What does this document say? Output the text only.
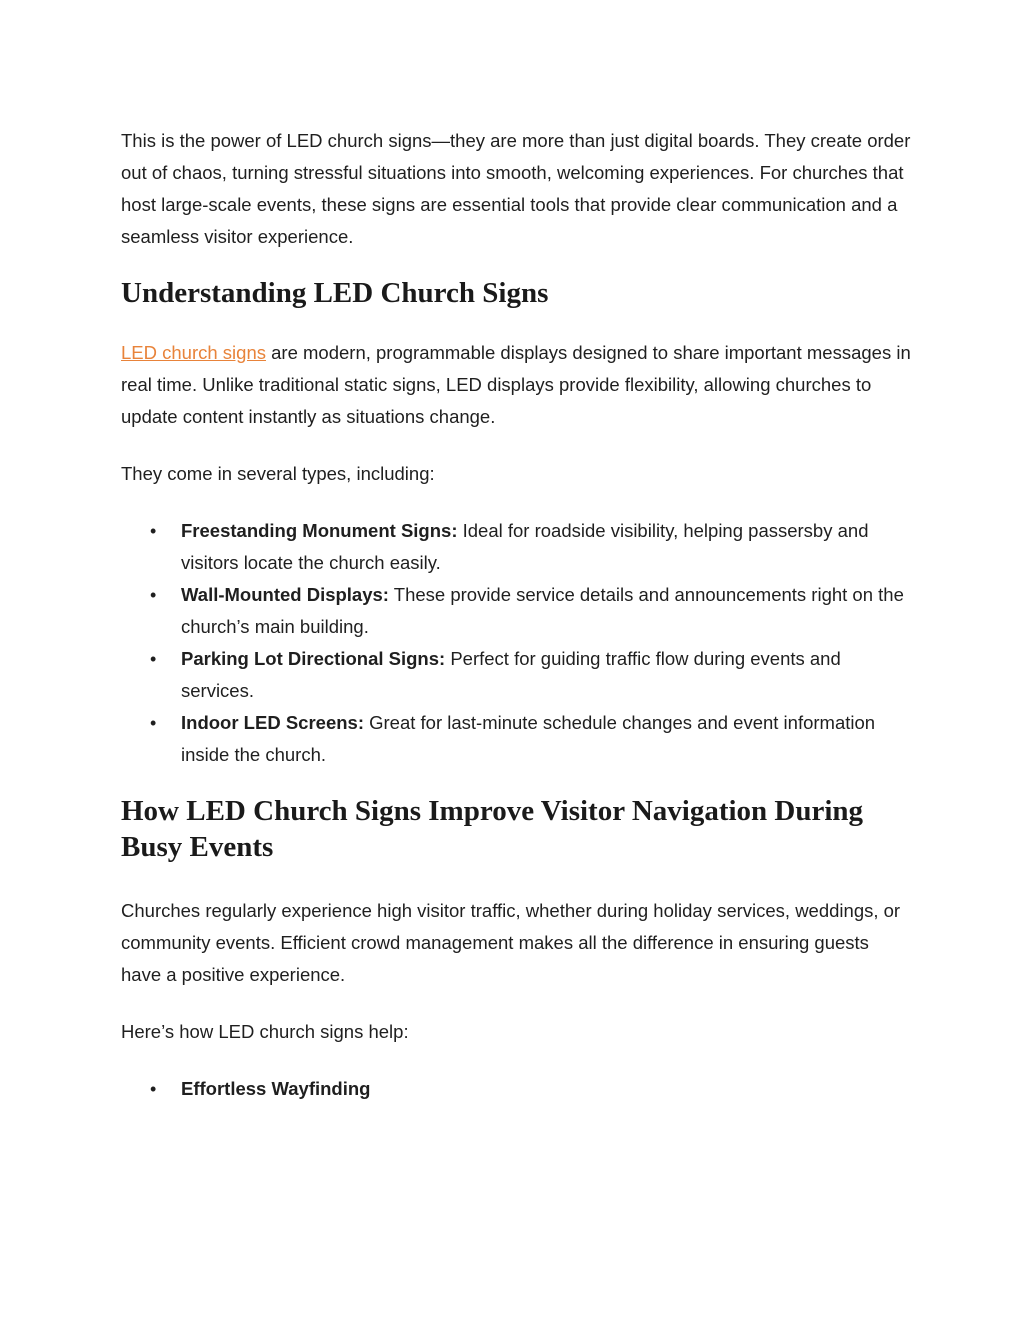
This is the power of LED church signs—they are more than just digital boards. They create order out of chaos, turning stressful situations into smooth, welcoming experiences. For churches that host large-scale events, these signs are essential tools that provide clear communication and a seamless visitor experience.

Understanding LED Church Signs

LED church signs are modern, programmable displays designed to share important messages in real time. Unlike traditional static signs, LED displays provide flexibility, allowing churches to update content instantly as situations change.

They come in several types, including:

• Freestanding Monument Signs: Ideal for roadside visibility, helping passersby and visitors locate the church easily.
• Wall-Mounted Displays: These provide service details and announcements right on the church’s main building.
• Parking Lot Directional Signs: Perfect for guiding traffic flow during events and services.
• Indoor LED Screens: Great for last-minute schedule changes and event information inside the church.
How LED Church Signs Improve Visitor Navigation During Busy Events

Churches regularly experience high visitor traffic, whether during holiday services, weddings, or community events. Efficient crowd management makes all the difference in ensuring guests have a positive experience.

Here’s how LED church signs help:

• Effortless Wayfinding
